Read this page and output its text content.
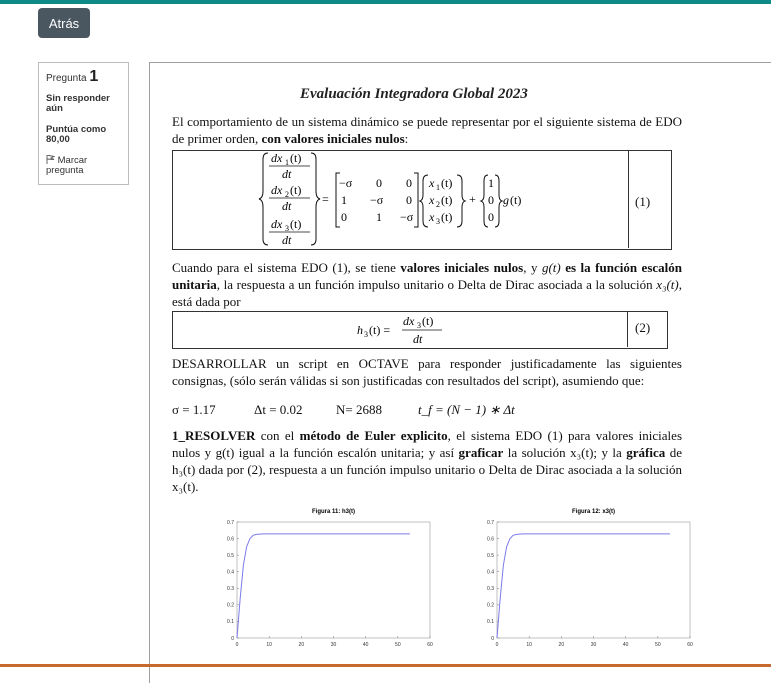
Atrás
Pregunta 1
Sin responder aún
Puntúa como 80,00
Marcar pregunta
Evaluación Integradora Global 2023
El comportamiento de un sistema dinámico se puede representar por el siguiente sistema de EDO de primer orden, con valores iniciales nulos:
dx 1 (t)
dt
dx 2 (t)
dt
dx 3 (t)
dt
=
−σ 0 0
1 −σ 0
0 1 −σ
x 1 (t)
x 2 (t)
x 3 (t)
+
1
0
0
g (t)	(1)
Cuando para el sistema EDO (1), se tiene valores iniciales nulos, y g(t) es la función escalón unitaria, la respuesta a un función impulso unitario o Delta de Dirac asociada a la solución x₃(t), está dada por
h 3 (t) =
dx 3 (t)
dt
(2)
DESARROLLAR un script en OCTAVE para responder justificadamente las siguientes consignas, (sólo serán válidas si son justificadas con resultados del script), asumiendo que:
σ = 1.17	Δt = 0.02	N= 2688	t_f = (N − 1) ∗ Δt
1_RESOLVER con el método de Euler explicito, el sistema EDO (1) para valores iniciales nulos y g(t) igual a la función escalón unitaria; y así graficar la solución x₃(t); y la gráfica de h₃(t) dada por (2), respuesta a un función impulso unitario o Delta de Dirac asociada a la solución x₃(t).
Figura 11: h3(t)
0	10	20	30	40	50	60
0
0.1
0.2
0.3
0.4
0.5
0.6
0.7
Figura 12: x3(t)
0	10	20	30	40	50	60
0
0.1
0.2
0.3
0.4
0.5
0.6
0.7
